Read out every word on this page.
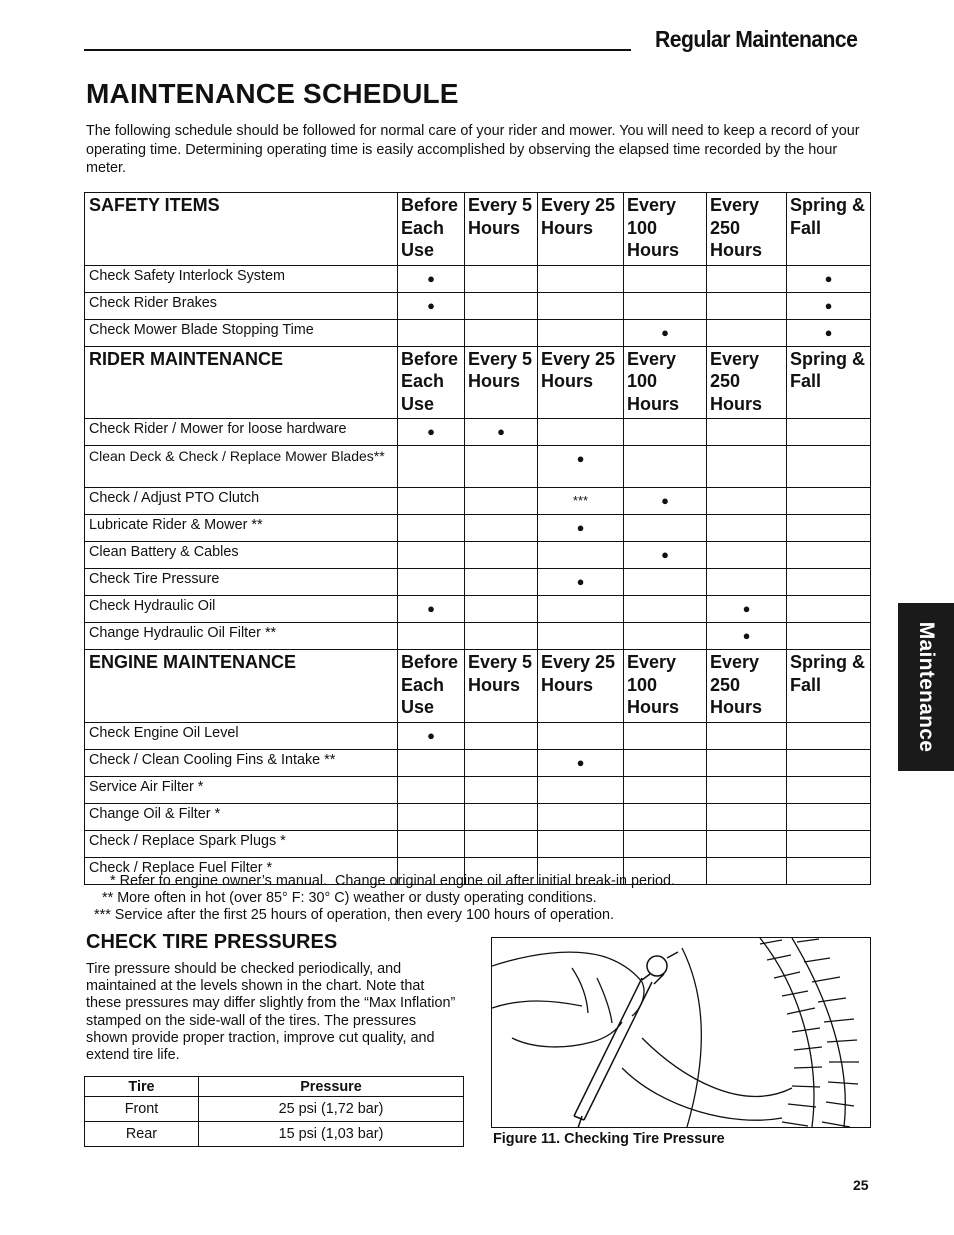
Regular Maintenance
MAINTENANCE SCHEDULE

The following schedule should be followed for normal care of your rider and mower. You will need to keep a record of your operating time. Determining operating time is easily accomplished by observing the elapsed time recorded by the hour meter.

SAFETY ITEMS	Before Each Use	Every 5 Hours	Every 25 Hours	Every 100 Hours	Every 250 Hours	Spring & Fall
Check Safety Interlock System	●					●
Check Rider Brakes	●					●
Check Mower Blade Stopping Time				●		●
RIDER MAINTENANCE	Before Each Use	Every 5 Hours	Every 25 Hours	Every 100 Hours	Every 250 Hours	Spring & Fall
Check Rider / Mower for loose hardware	●	●				
Clean Deck & Check / Replace Mower Blades**			●			
Check / Adjust PTO Clutch			***	●		
Lubricate Rider & Mower **			●			
Clean Battery & Cables				●		
Check Tire Pressure			●			
Check Hydraulic Oil	●				●	
Change Hydraulic Oil Filter **					●	
ENGINE MAINTENANCE	Before Each Use	Every 5 Hours	Every 25 Hours	Every 100 Hours	Every 250 Hours	Spring & Fall
Check Engine Oil Level	●					
Check / Clean Cooling Fins & Intake **			●			
Service Air Filter *						
Change Oil & Filter *						
Check / Replace Spark Plugs *						
Check / Replace Fuel Filter *						
* Refer to engine owner’s manual.  Change original engine oil after initial break-in period.
** More often in hot (over 85° F: 30° C) weather or dusty operating conditions.
*** Service after the first 25 hours of operation, then every 100 hours of operation.
CHECK TIRE PRESSURES

Tire pressure should be checked periodically, and maintained at the levels shown in the chart. Note that these pressures may differ slightly from the “Max Inflation” stamped on the side-wall of the tires. The pressures shown provide proper traction, improve cut quality, and extend tire life.

Tire	Pressure
Front	25 psi (1,72 bar)
Rear	15 psi (1,03 bar)	Figure 11. Checking Tire Pressure
Maintenance
25
